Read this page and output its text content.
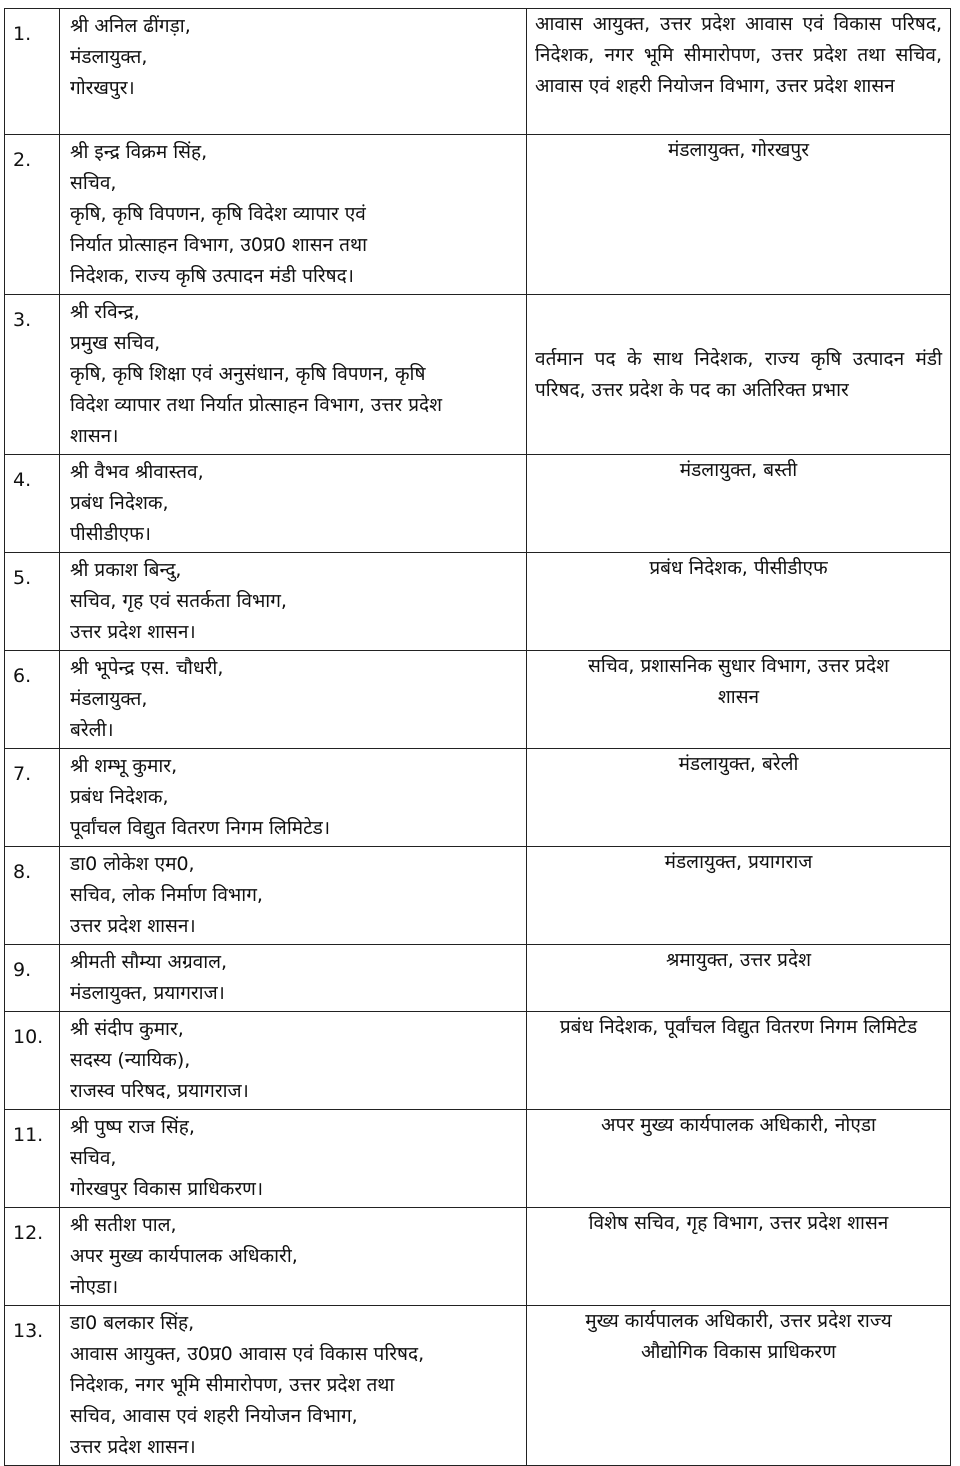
1.	श्री अनिल ढींगड़ा,
मंडलायुक्त,
गोरखपुर।	आवास आयुक्त, उत्तर प्रदेश आवास एवं विकास परिषद, निदेशक, नगर भूमि सीमारोपण, उत्तर प्रदेश तथा सचिव, आवास एवं शहरी नियोजन विभाग, उत्तर प्रदेश शासन
2.	श्री इन्द्र विक्रम सिंह,
सचिव,
कृषि, कृषि विपणन, कृषि विदेश व्यापार एवं
निर्यात प्रोत्साहन विभाग, उ0प्र0 शासन तथा
निदेशक, राज्य कृषि उत्पादन मंडी परिषद।	मंडलायुक्त, गोरखपुर
3.	श्री रविन्द्र,
प्रमुख सचिव,
कृषि, कृषि शिक्षा एवं अनुसंधान, कृषि विपणन, कृषि
विदेश व्यापार तथा निर्यात प्रोत्साहन विभाग, उत्तर प्रदेश
शासन।	वर्तमान पद के साथ निदेशक, राज्य कृषि उत्पादन मंडी परिषद, उत्तर प्रदेश के पद का अतिरिक्त प्रभार
4.	श्री वैभव श्रीवास्तव,
प्रबंध निदेशक,
पीसीडीएफ।	मंडलायुक्त, बस्ती
5.	श्री प्रकाश बिन्दु,
सचिव, गृह एवं सतर्कता विभाग,
उत्तर प्रदेश शासन।	प्रबंध निदेशक, पीसीडीएफ
6.	श्री भूपेन्द्र एस. चौधरी,
मंडलायुक्त,
बरेली।	सचिव, प्रशासनिक सुधार विभाग, उत्तर प्रदेश शासन
7.	श्री शम्भू कुमार,
प्रबंध निदेशक,
पूर्वांचल विद्युत वितरण निगम लिमिटेड।	मंडलायुक्त, बरेली
8.	डा0 लोकेश एम0,
सचिव, लोक निर्माण विभाग,
उत्तर प्रदेश शासन।	मंडलायुक्त, प्रयागराज
9.	श्रीमती सौम्या अग्रवाल,
मंडलायुक्त, प्रयागराज।	श्रमायुक्त, उत्तर प्रदेश
10.	श्री संदीप कुमार,
सदस्य (न्यायिक),
राजस्व परिषद, प्रयागराज।	प्रबंध निदेशक, पूर्वांचल विद्युत वितरण निगम लिमिटेड
11.	श्री पुष्प राज सिंह,
सचिव,
गोरखपुर विकास प्राधिकरण।	अपर मुख्य कार्यपालक अधिकारी, नोएडा
12.	श्री सतीश पाल,
अपर मुख्य कार्यपालक अधिकारी,
नोएडा।	विशेष सचिव, गृह विभाग, उत्तर प्रदेश शासन
13.	डा0 बलकार सिंह,
आवास आयुक्त, उ0प्र0 आवास एवं विकास परिषद,
निदेशक, नगर भूमि सीमारोपण, उत्तर प्रदेश तथा
सचिव, आवास एवं शहरी नियोजन विभाग,
उत्तर प्रदेश शासन।	मुख्य कार्यपालक अधिकारी, उत्तर प्रदेश राज्य औद्योगिक विकास प्राधिकरण
